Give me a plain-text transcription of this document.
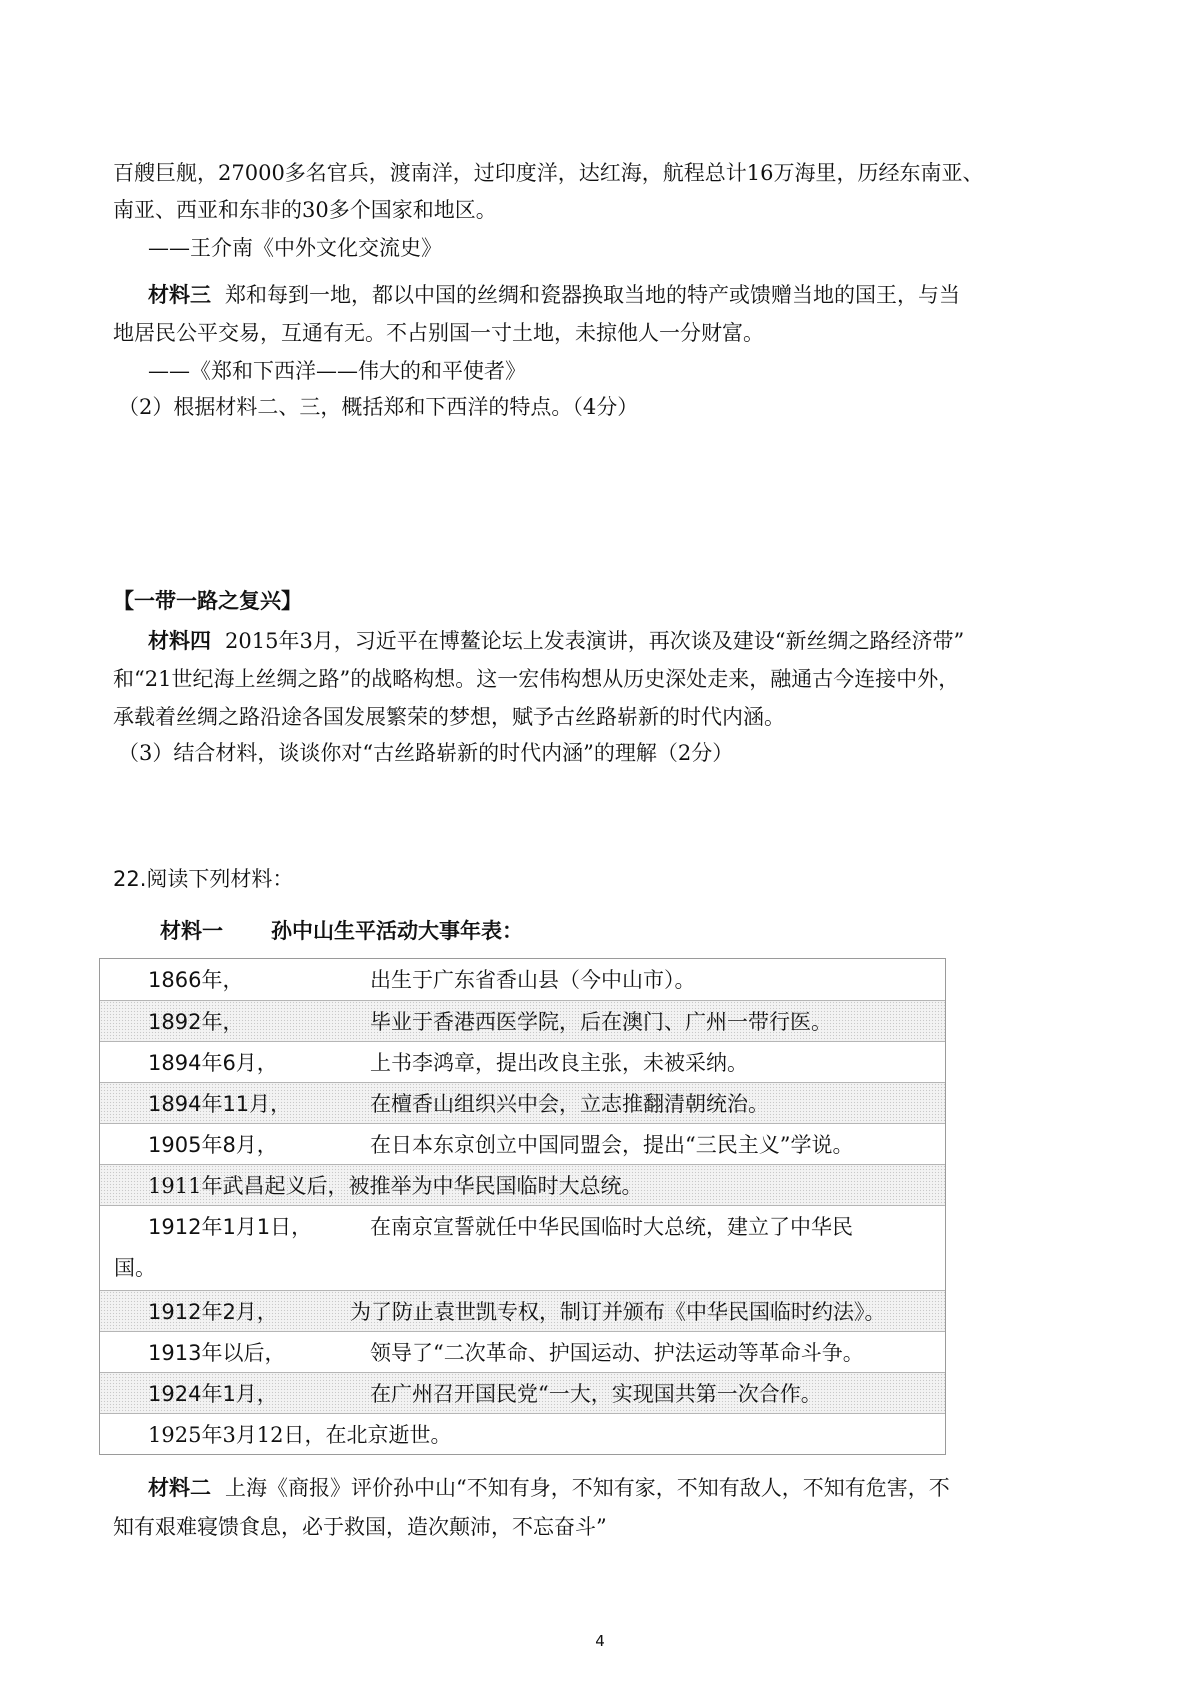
百艘巨舰，27000多名官兵，渡南洋，过印度洋，达红海，航程总计16万海里，历经东南亚、
南亚、西亚和东非的30多个国家和地区。
——王介南《中外文化交流史》
材料三 郑和每到一地，都以中国的丝绸和瓷器换取当地的特产或馈赠当地的国王，与当
地居民公平交易，互通有无。不占别国一寸土地，未掠他人一分财富。
——《郑和下西洋——伟大的和平使者》
（2）根据材料二、三，概括郑和下西洋的特点。（4分）
【一带一路之复兴】
材料四 2015年3月，习近平在博鳌论坛上发表演讲，再次谈及建设“新丝绸之路经济带”
和“21世纪海上丝绸之路”的战略构想。这一宏伟构想从历史深处走来，融通古今连接中外，
承载着丝绸之路沿途各国发展繁荣的梦想，赋予古丝路崭新的时代内涵。
（3）结合材料，谈谈你对“古丝路崭新的时代内涵”的理解（2分）
22.阅读下列材料：
材料一 孙中山生平活动大事年表：
1866年，	出生于广东省香山县（今中山市）。
1892年，	毕业于香港西医学院，后在澳门、广州一带行医。
1894年6月，	上书李鸿章，提出改良主张，未被采纳。
1894年11月，	在檀香山组织兴中会，立志推翻清朝统治。
1905年8月，	在日本东京创立中国同盟会，提出“三民主义”学说。
1911年武昌起义后，被推举为中华民国临时大总统。
1912年1月1日，	在南京宣誓就任中华民国临时大总统，建立了中华民
国。
1912年2月，	为了防止袁世凯专权，制订并颁布《中华民国临时约法》。
1913年以后，	领导了“二次革命、护国运动、护法运动等革命斗争。
1924年1月，	在广州召开国民党“一大，实现国共第一次合作。
1925年3月12日，在北京逝世。
材料二 上海《商报》评价孙中山“不知有身，不知有家，不知有敌人，不知有危害，不
知有艰难寝馈食息，必于救国，造次颠沛，不忘奋斗”
4
